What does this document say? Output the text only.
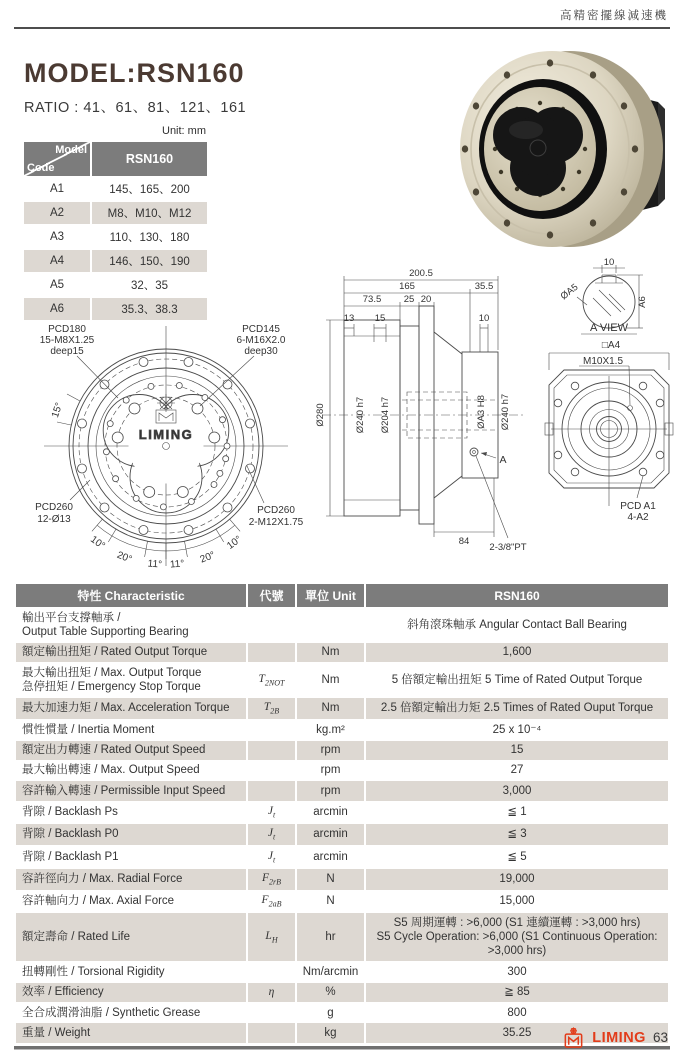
高精密擺線減速機
MODEL:RSN160
RATIO : 41、61、81、121、161
Unit: mm
Model
Code	RSN160
A1	145、165、200
A2	M8、M10、M12
A3	110、130、180
A4	146、150、190
A5	32、35
A6	35.3、38.3
PCD180
15-M8X1.25
deep15
PCD145
6-M16X2.0
deep30
PCD260
12-Ø13
PCD260
2-M12X1.75
15°
10°
20°
11°
11°
20°
10°
LIMING
200.5
165	35.5
73.5 25 20
13 15	10
Ø280	Ø240 h7 Ø204 h7	ØA3 H8 Ø240 h7
84
2-3/8"PT
A
10
ØA5	A6
A VIEW
□A4
M10X1.5
PCD A1
4-A2
特性 Characteristic	代號	單位 Unit	RSN160
輸出平台支撐軸承 /
Output Table Supporting Bearing			斜角滾珠軸承 Angular Contact Ball Bearing
額定輸出扭矩 / Rated Output Torque		Nm	1,600
最大輸出扭矩 / Max. Output Torque
急停扭矩 / Emergency Stop Torque	$T_{2NOT}$	Nm	5 倍額定輸出扭矩 5 Time of Rated Output Torque
最大加速力矩 / Max. Acceleration Torque	$T_{2B}$	Nm	2.5 倍額定輸出力矩 2.5 Times of Rated Ouput Torque
慣性慣量 / Inertia Moment		kg.m²	25 x 10⁻⁴
額定出力轉速 / Rated Output Speed		rpm	15
最大輸出轉速 / Max. Output Speed		rpm	27
容許輸入轉速 / Permissible Input Speed		rpm	3,000
背隙 / Backlash Ps	$J_t$	arcmin	≦ 1
背隙 / Backlash P0	$J_t$	arcmin	≦ 3
背隙 / Backlash P1	$J_t$	arcmin	≦ 5
容許徑向力 / Max. Radial Force	$F_{2rB}$	N	19,000
容許軸向力 / Max. Axial Force	$F_{2aB}$	N	15,000
額定壽命 / Rated Life	$L_H$	hr	S5 周期運轉 : >6,000 (S1 連續運轉 : >3,000 hrs)
S5 Cycle Operation: >6,000 (S1 Continuous Operation:
>3,000 hrs)
扭轉剛性 / Torsional Rigidity		Nm/arcmin	300
效率 / Efficiency	η	%	≧ 85
全合成潤滑油脂 / Synthetic Grease		g	800
重量 / Weight		kg	35.25	LIMING 63
